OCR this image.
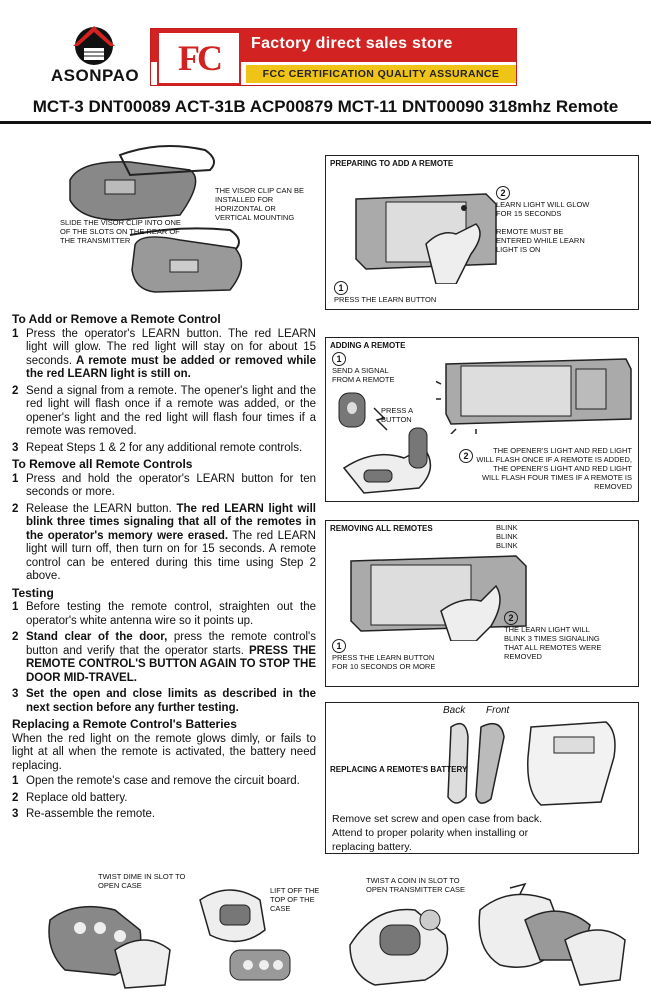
ASONPAO	FC	Factory direct sales store
FCC CERTIFICATION QUALITY ASSURANCE
MCT-3 DNT00089 ACT-31B ACP00879 MCT-11 DNT00090 318mhz Remote
SLIDE THE VISOR CLIP INTO ONE OF THE SLOTS ON THE REAR OF THE TRANSMITTER
THE VISOR CLIP CAN BE INSTALLED FOR HORIZONTAL OR VERTICAL MOUNTING
PREPARING TO ADD A REMOTE
1
PRESS THE LEARN BUTTON
2
LEARN LIGHT WILL GLOW FOR 15 SECONDS

REMOTE MUST BE ENTERED WHILE LEARN LIGHT IS ON
ADDING A REMOTE
1
SEND A SIGNAL FROM A REMOTE
PRESS A BUTTON
THE OPENER'S LIGHT AND RED LIGHT WILL FLASH ONCE IF A REMOTE IS ADDED, THE OPENER'S LIGHT AND RED LIGHT WILL FLASH FOUR TIMES IF A REMOTE IS REMOVED
2
REMOVING ALL REMOTES	BLINK
BLINK
BLINK
1
PRESS THE LEARN BUTTON FOR 10 SECONDS OR MORE
2
THE LEARN LIGHT WILL BLINK 3 TIMES SIGNALING THAT ALL REMOTES WERE REMOVED
Back Front
REPLACING A REMOTE'S BATTERY
Remove set screw and open case from back. Attend to proper polarity when installing or replacing battery.
To Add or Remove a Remote Control
1 Press the operator's LEARN button. The red LEARN light will glow. The red light will stay on for about 15 seconds. A remote must be added or removed while the red LEARN light is still on.
2 Send a signal from a remote. The opener's light and the red light will flash once if a remote was added, or the opener's light and the red light will flash four times if a remote was removed.
3 Repeat Steps 1 & 2 for any additional remote controls.
To Remove all Remote Controls
1 Press and hold the operator's LEARN button for ten seconds or more.
2 Release the LEARN button. The red LEARN light will blink three times signaling that all of the remotes in the operator's memory were erased. The red LEARN light will turn off, then turn on for 15 seconds. A remote control can be entered during this time using Step 2 above.
Testing
1 Before testing the remote control, straighten out the operator's white antenna wire so it points up.
2 Stand clear of the door, press the remote control's button and verify that the operator starts. PRESS THE REMOTE CONTROL'S BUTTON AGAIN TO STOP THE DOOR MID-TRAVEL.
3 Set the open and close limits as described in the next section before any further testing.
Replacing a Remote Control's Batteries
When the red light on the remote glows dimly, or fails to light at all when the remote is activated, the battery need replacing.
1 Open the remote's case and remove the circuit board.
2 Replace old battery.
3 Re-assemble the remote.
TWIST DIME IN SLOT TO OPEN CASE
LIFT OFF THE TOP OF THE CASE
TWIST A COIN IN SLOT TO OPEN TRANSMITTER CASE
